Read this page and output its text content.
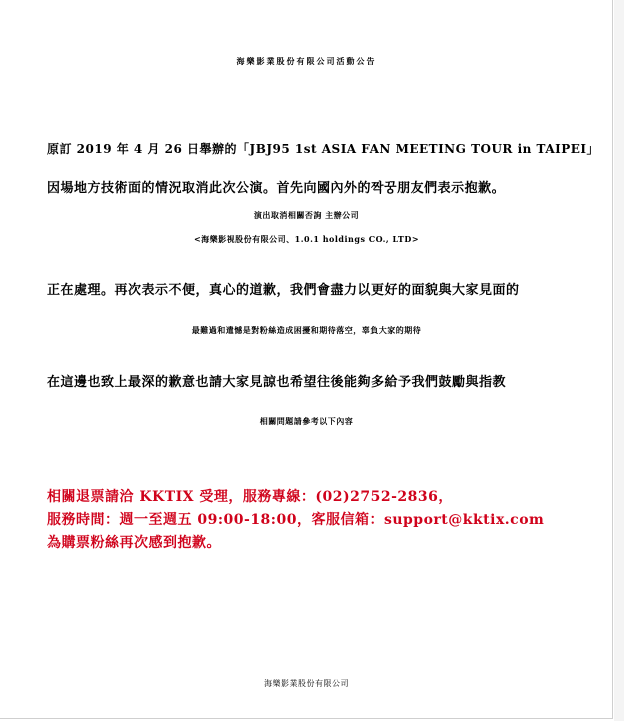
海樂影業股份有限公司活動公告
原訂 2019 年 4 月 26 日舉辦的「JBJ95 1st ASIA FAN MEETING TOUR in TAIPEI」
因場地方技術面的情況取消此次公演。首先向國內外的짝꿍朋友們表示抱歉。
演出取消相關否詢 主辦公司
<海樂影視股份有限公司、1.0.1 holdings CO., LTD>
正在處理。再次表示不便，真心的道歉，我們會盡力以更好的面貌與大家見面的
最難過和遺憾是對粉絲造成困擾和期待落空，辜負大家的期待
在這邊也致上最深的歉意也請大家見諒也希望往後能夠多給予我們鼓勵與指教
相關問題請參考以下內容
相關退票請洽 KKTIX 受理，服務專線：(02)2752-2836，
服務時間：週一至週五 09:00-18:00，客服信箱：support@kktix.com
為購票粉絲再次感到抱歉。
海樂影業股份有限公司
